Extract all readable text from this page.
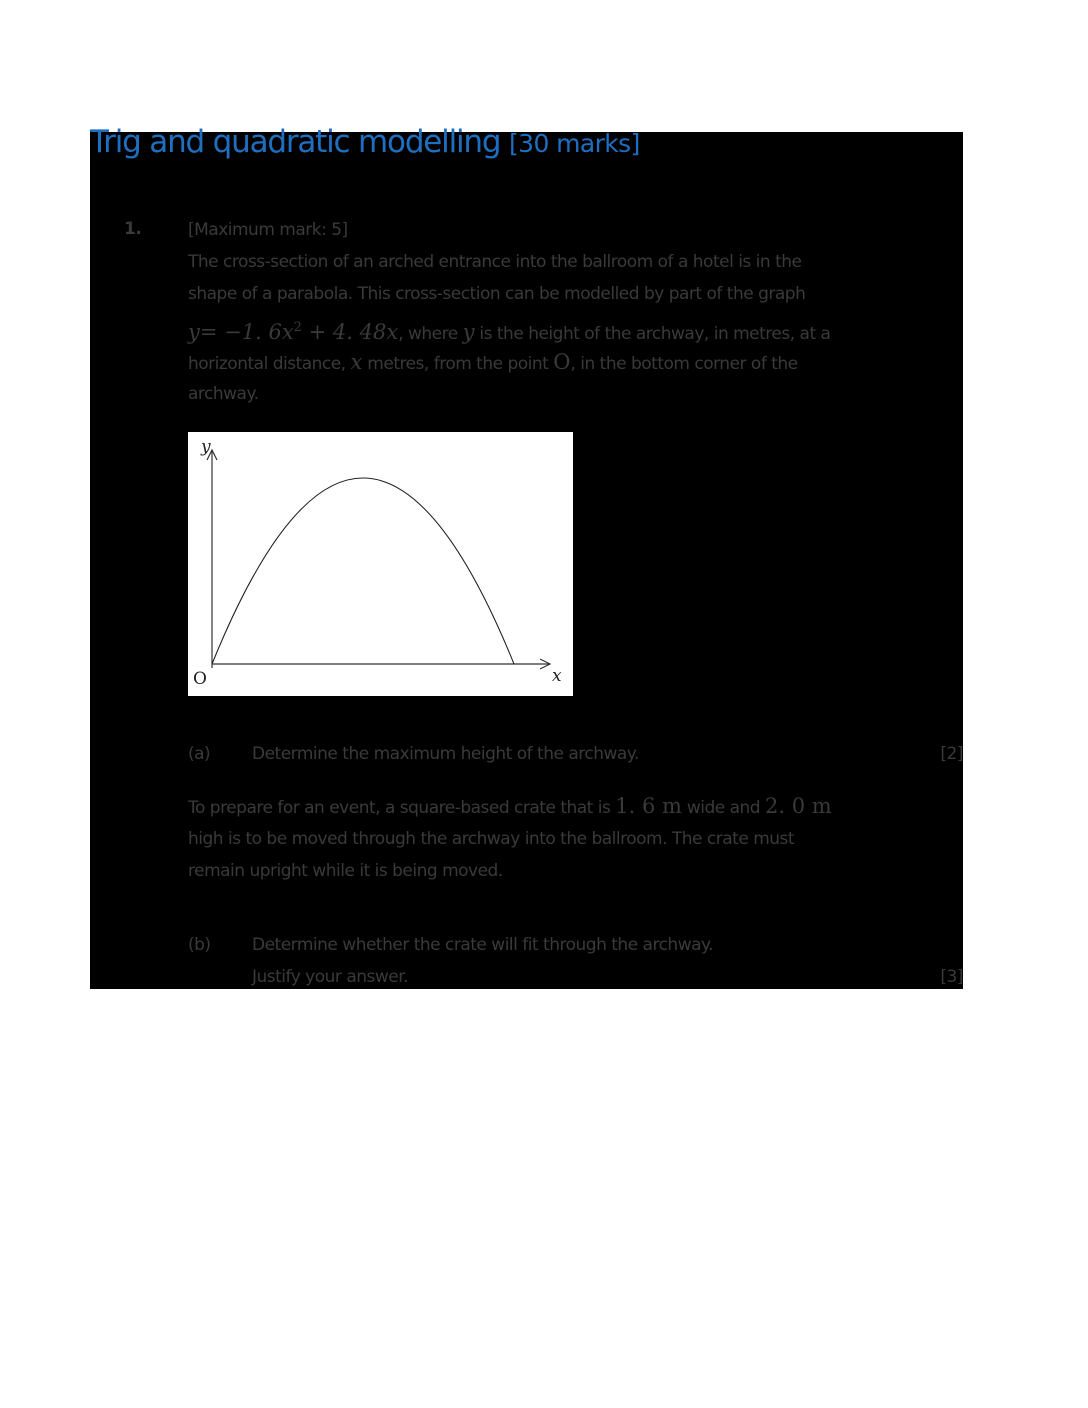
Trig and quadratic modelling [30 marks]
1.	[Maximum mark: 5]
The cross-section of an arched entrance into the ballroom of a hotel is in the
shape of a parabola. This cross-section can be modelled by part of the graph
y= −1. $6x^2 + 4$. 48x, where y is the height of the archway, in metres, at a
horizontal distance, x metres, from the point O, in the bottom corner of the
archway.
y
x
O
(a) Determine the maximum height of the archway.	[2]
To prepare for an event, a square-based crate that is 1. 6 m wide and 2. 0 m
high is to be moved through the archway into the ballroom. The crate must
remain upright while it is being moved.
(b) Determine whether the crate will fit through the archway.
Justify your answer.	[3]
